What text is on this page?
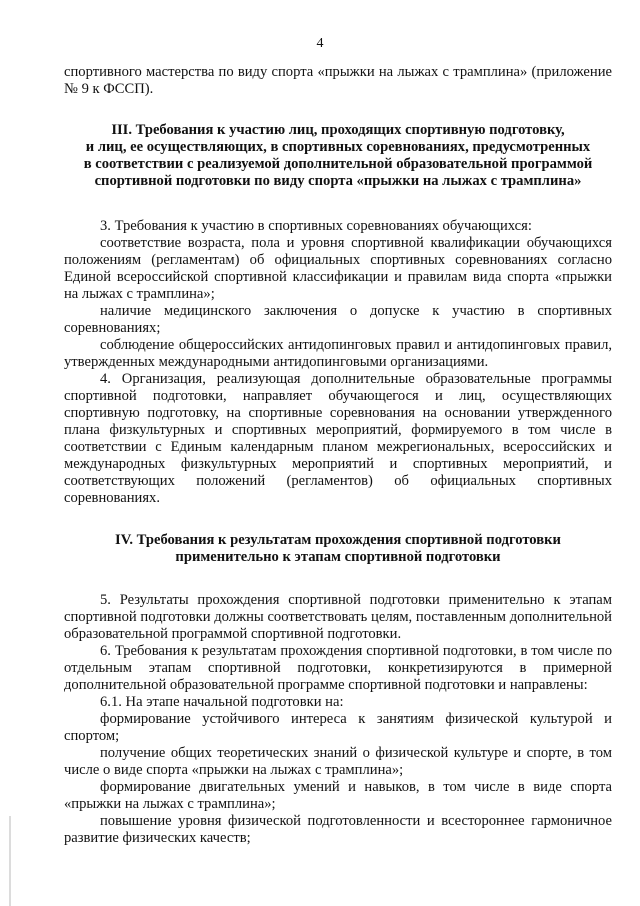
4

спортивного мастерства по виду спорта «прыжки на лыжах с трамплина» (приложение № 9 к ФССП).

III. Требования к участию лиц, проходящих спортивную подготовку,

и лиц, ее осуществляющих, в спортивных соревнованиях, предусмотренных

в соответствии с реализуемой дополнительной образовательной программой

спортивной подготовки по виду спорта «прыжки на лыжах с трамплина»

3. Требования к участию в спортивных соревнованиях обучающихся:

соответствие возраста, пола и уровня спортивной квалификации обучающихся положениям (регламентам) об официальных спортивных соревнованиях согласно Единой всероссийской спортивной классификации и правилам вида спорта «прыжки на лыжах с трамплина»;

наличие медицинского заключения о допуске к участию в спортивных соревнованиях;

соблюдение общероссийских антидопинговых правил и антидопинговых правил, утвержденных международными антидопинговыми организациями.

4. Организация, реализующая дополнительные образовательные программы спортивной подготовки, направляет обучающегося и лиц, осуществляющих спортивную подготовку, на спортивные соревнования на основании утвержденного плана физкультурных и спортивных мероприятий, формируемого в том числе в соответствии с Единым календарным планом межрегиональных, всероссийских и международных физкультурных мероприятий и спортивных мероприятий, и соответствующих положений (регламентов) об официальных спортивных соревнованиях.

IV. Требования к результатам прохождения спортивной подготовки

применительно к этапам спортивной подготовки

5. Результаты прохождения спортивной подготовки применительно к этапам спортивной подготовки должны соответствовать целям, поставленным дополнительной образовательной программой спортивной подготовки.

6. Требования к результатам прохождения спортивной подготовки, в том числе по отдельным этапам спортивной подготовки, конкретизируются в примерной дополнительной образовательной программе спортивной подготовки и направлены:

6.1. На этапе начальной подготовки на:

формирование устойчивого интереса к занятиям физической культурой и спортом;

получение общих теоретических знаний о физической культуре и спорте, в том числе о виде спорта «прыжки на лыжах с трамплина»;

формирование двигательных умений и навыков, в том числе в виде спорта «прыжки на лыжах с трамплина»;

повышение уровня физической подготовленности и всестороннее гармоничное развитие физических качеств;
